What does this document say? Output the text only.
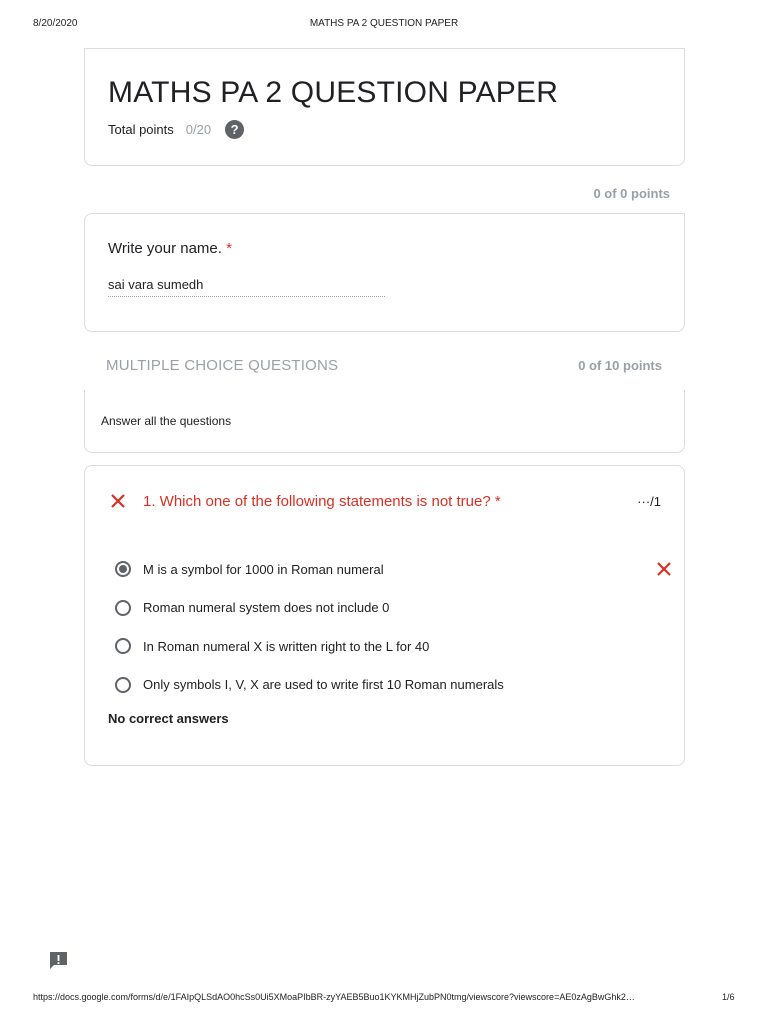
8/20/2020	MATHS PA 2 QUESTION PAPER
MATHS PA 2 QUESTION PAPER
Total points 0/20	?
0 of 0 points
Write your name. *
sai vara sumedh
MULTIPLE CHOICE QUESTIONS	0 of 10 points
Answer all the questions
1. Which one of the following statements is not true? *	···/1
M is a symbol for 1000 in Roman numeral
Roman numeral system does not include 0
In Roman numeral X is written right to the L for 40
Only symbols I, V, X are used to write first 10 Roman numerals
No correct answers
https://docs.google.com/forms/d/e/1FAIpQLSdAO0hcSs0Ui5XMoaPIbBR-zyYAEB5Buo1KYKMHjZubPN0tmg/viewscore?viewscore=AE0zAgBwGhk2…	1/6
